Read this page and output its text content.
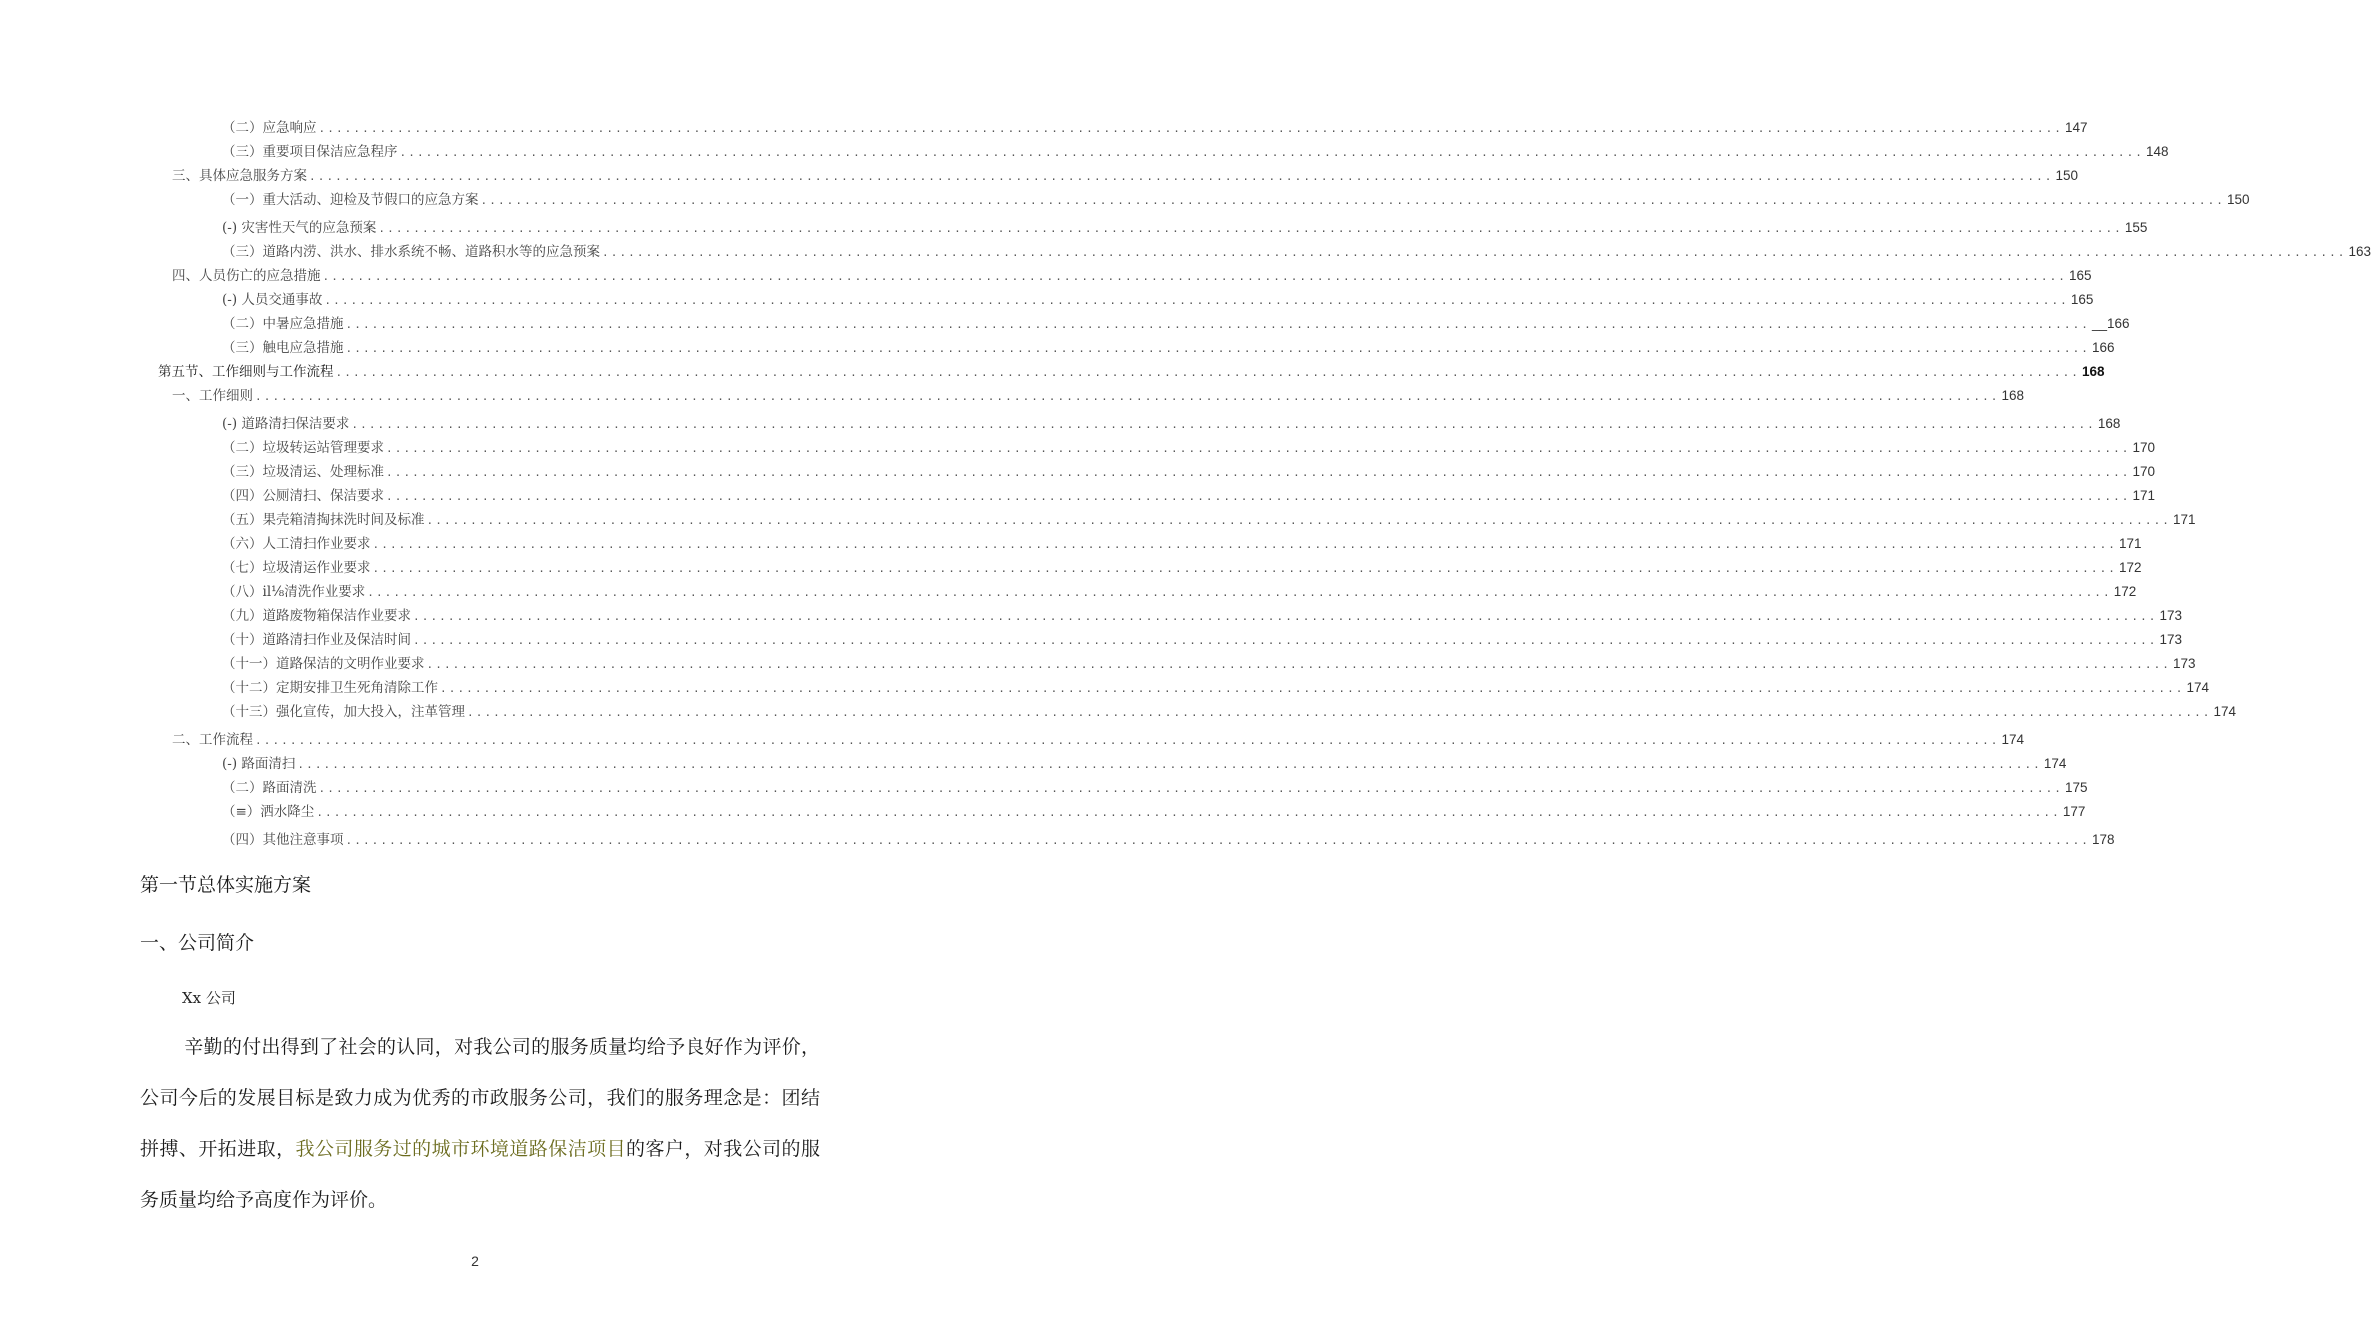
（二）应急响应 ........................................................................................................................................................................................................ 147
（三）重要项目保洁应急程序 ........................................................................................................................................................................................................ 148
三、具体应急服务方案 ........................................................................................................................................................................................................ 150
（一）重大活动、迎检及节假口的应急方案 ........................................................................................................................................................................................................ 150
(-) 灾害性天气的应急预案 ........................................................................................................................................................................................................ 155
（三）道路内涝、洪水、排水系统不畅、道路积水等的应急预案 ........................................................................................................................................................................................................ 163
四、人员伤亡的应急措施 ........................................................................................................................................................................................................ 165
(-) 人员交通事故 ........................................................................................................................................................................................................ 165
（二）中暑应急措施 ........................................................................................................................................................................................................ __166
（三）触电应急措施 ........................................................................................................................................................................................................ 166
第五节、工作细则与工作流程 ........................................................................................................................................................................................................ 168
一、工作细则 ........................................................................................................................................................................................................ 168
(-) 道路清扫保洁要求 ........................................................................................................................................................................................................ 168
（二）垃圾转运站管理要求 ........................................................................................................................................................................................................ 170
（三）垃圾清运、处理标准 ........................................................................................................................................................................................................ 170
（四）公厕清扫、保洁要求 ........................................................................................................................................................................................................ 171
（五）果壳箱清掏抹洗时间及标准 ........................................................................................................................................................................................................ 171
（六）人工清扫作业要求 ........................................................................................................................................................................................................ 171
（七）垃圾清运作业要求 ........................................................................................................................................................................................................ 172
（八）il⅛清洗作业要求 ........................................................................................................................................................................................................ 172
（九）道路废物箱保洁作业要求 ........................................................................................................................................................................................................ 173
（十）道路清扫作业及保洁时间 ........................................................................................................................................................................................................ 173
（十一）道路保洁的文明作业要求 ........................................................................................................................................................................................................ 173
（十二）定期安排卫生死角清除工作 ........................................................................................................................................................................................................ 174
（十三）强化宣传，加大投入，注革管理 ........................................................................................................................................................................................................ 174
二、工作流程 ........................................................................................................................................................................................................ 174
(-) 路面清扫 ........................................................................................................................................................................................................ 174
（二）路面清洗 ........................................................................................................................................................................................................ 175
（≡）洒水降尘 ........................................................................................................................................................................................................ 177
（四）其他注意事项 ........................................................................................................................................................................................................ 178
第一节总体实施方案
一、公司简介
Xx 公司
辛勤的付出得到了社会的认同，对我公司的服务质量均给予良好作为评价，公司今后的发展目标是致力成为优秀的市政服务公司，我们的服务理念是：团结拼搏、开拓进取，我公司服务过的城市环境道路保洁项目的客户，对我公司的服务质量均给予高度作为评价。
2
